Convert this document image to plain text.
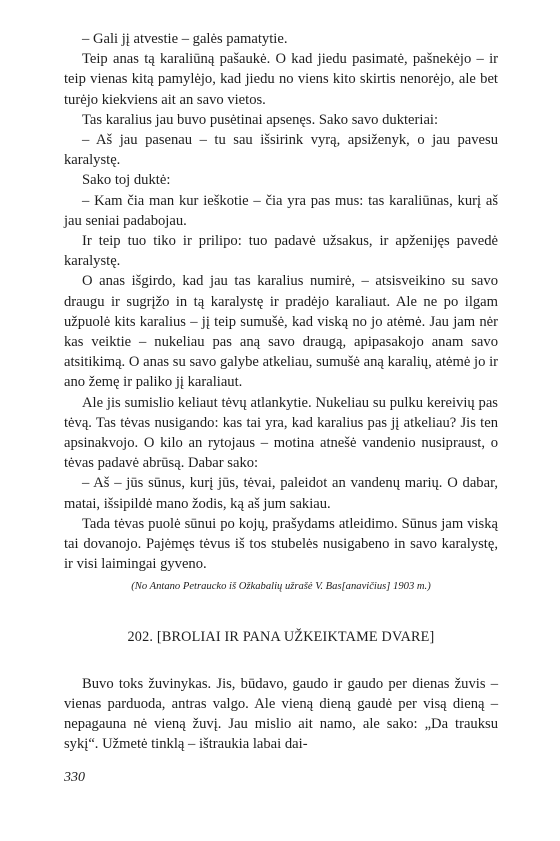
– Gali jį atvestie – galės pamatytie.

Teip anas tą karaliūną pašaukė. O kad jiedu pasimatė, pašnekėjo – ir teip vienas kitą pamylėjo, kad jiedu no viens kito skirtis nenorėjo, ale bet turėjo kiekviens ait an savo vietos.

Tas karalius jau buvo pusėtinai apsenęs. Sako savo dukteriai:

– Aš jau pasenau – tu sau išsirink vyrą, apsiženyk, o jau pavesu karalystę.

Sako toj duktė:

– Kam čia man kur ieškotie – čia yra pas mus: tas karaliūnas, kurį aš jau seniai padabojau.

Ir teip tuo tiko ir prilipo: tuo padavė užsakus, ir apženijęs pavedė karalystę.

O anas išgirdo, kad jau tas karalius numirė, – atsisveikino su savo draugu ir sugrįžo in tą karalystę ir pradėjo karaliaut. Ale ne po ilgam užpuolė kits karalius – jį teip sumušė, kad viską no jo atėmė. Jau jam nėr kas veiktie – nukeliau pas aną savo draugą, apipasakojo anam savo atsitikimą. O anas su savo galybe atkeliau, sumušė aną karalių, atėmė jo ir ano žemę ir paliko jį karaliaut.

Ale jis sumislio keliaut tėvų atlankytie. Nukeliau su pulku kereivių pas tėvą. Tas tėvas nusigando: kas tai yra, kad karalius pas jį atkeliau? Jis ten apsinakvojo. O kilo an rytojaus – motina atnešė vandenio nusipraust, o tėvas padavė abrūsą. Dabar sako:

– Aš – jūs sūnus, kurį jūs, tėvai, paleidot an vandenų marių. O dabar, matai, išsipildė mano žodis, ką aš jum sakiau.

Tada tėvas puolė sūnui po kojų, prašydams atleidimo. Sūnus jam viską tai dovanojo. Pajėmęs tėvus iš tos stubelės nusigabeno in savo karalystę, ir visi laimingai gyveno.

(No Antano Petraucko iš Ožkabalių užrašė V. Bas[anavičius] 1903 m.)
202. [BROLIAI IR PANA UŽKEIKTAME DVARE]

Buvo toks žuvinykas. Jis, būdavo, gaudo ir gaudo per dienas žuvis – vienas parduoda, antras valgo. Ale vieną dieną gaudė per visą dieną – nepagauna nė vieną žuvį. Jau mislio ait namo, ale sako: „Da trauksu sykį“. Užmetė tinklą – ištraukia labai dai-

330
